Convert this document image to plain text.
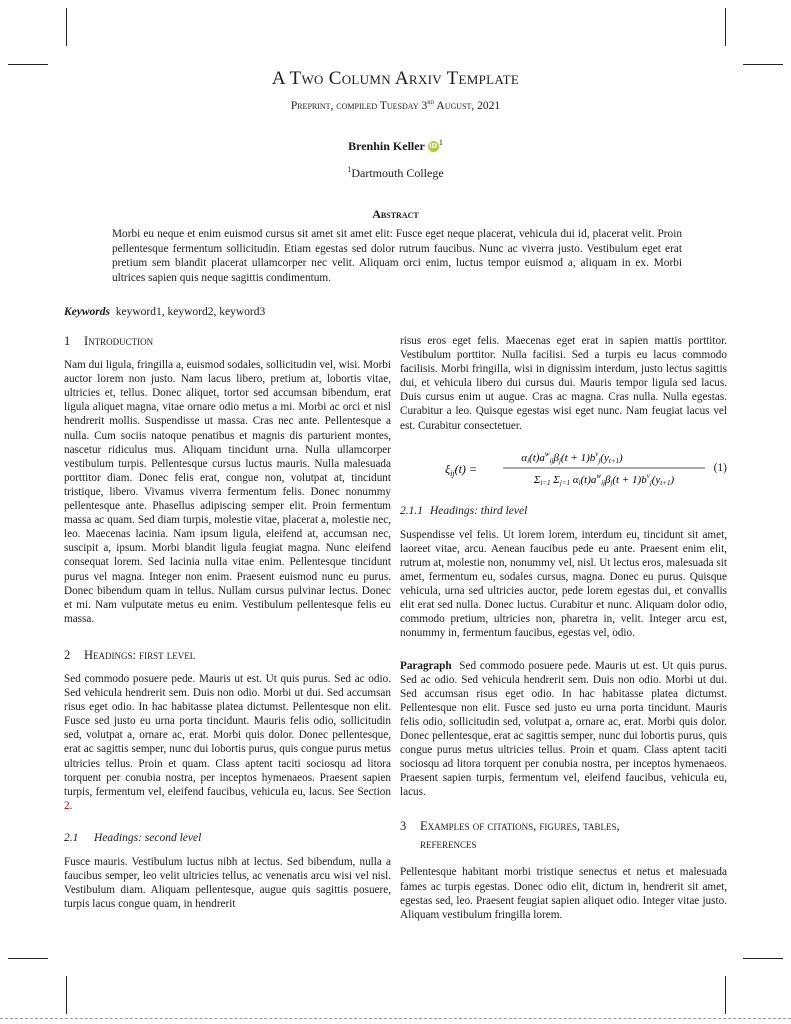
A Two Column Arxiv Template
Preprint, compiled Tuesday 3rd August, 2021
Brenhin Keller $iD^1$
$^1$Dartmouth College
Abstract
Morbi eu neque et enim euismod cursus sit amet sit amet elit: Fusce eget neque placerat, vehicula dui id, placerat velit. Proin pellentesque fermentum sollicitudin. Etiam egestas sed dolor rutrum faucibus. Nunc ac viverra justo. Vestibulum eget erat pretium sem blandit placerat ullamcorper nec velit. Aliquam orci enim, luctus tempor euismod a, aliquam in ex. Morbi ultrices sapien quis neque sagittis condimentum.
Keywords keyword1, keyword2, keyword3
1 Introduction

Nam dui ligula, fringilla a, euismod sodales, sollicitudin vel, wisi. Morbi auctor lorem non justo. Nam lacus libero, pretium at, lobortis vitae, ultricies et, tellus. Donec aliquet, tortor sed accumsan bibendum, erat ligula aliquet magna, vitae ornare odio metus a mi. Morbi ac orci et nisl hendrerit mollis. Suspendisse ut massa. Cras nec ante. Pellentesque a nulla. Cum sociis natoque penatibus et magnis dis parturient montes, nascetur ridiculus mus. Aliquam tincidunt urna. Nulla ullamcorper vestibulum turpis. Pellentesque cursus luctus mauris. Nulla malesuada porttitor diam. Donec felis erat, congue non, volutpat at, tincidunt tristique, libero. Vivamus viverra fermentum felis. Donec nonummy pellentesque ante. Phasellus adipiscing semper elit. Proin fermentum massa ac quam. Sed diam turpis, molestie vitae, placerat a, molestie nec, leo. Maecenas lacinia. Nam ipsum ligula, eleifend at, accumsan nec, suscipit a, ipsum. Morbi blandit ligula feugiat magna. Nunc eleifend consequat lorem. Sed lacinia nulla vitae enim. Pellentesque tincidunt purus vel magna. Integer non enim. Praesent euismod nunc eu purus. Donec bibendum quam in tellus. Nullam cursus pulvinar lectus. Donec et mi. Nam vulputate metus eu enim. Vestibulum pellentesque felis eu massa.

2 Headings: first level

Sed commodo posuere pede. Mauris ut est. Ut quis purus. Sed ac odio. Sed vehicula hendrerit sem. Duis non odio. Morbi ut dui. Sed accumsan risus eget odio. In hac habitasse platea dictumst. Pellentesque non elit. Fusce sed justo eu urna porta tincidunt. Mauris felis odio, sollicitudin sed, volutpat a, ornare ac, erat. Morbi quis dolor. Donec pellentesque, erat ac sagittis semper, nunc dui lobortis purus, quis congue purus metus ultricies tellus. Proin et quam. Class aptent taciti sociosqu ad litora torquent per conubia nostra, per inceptos hymenaeos. Praesent sapien turpis, fermentum vel, eleifend faucibus, vehicula eu, lacus. See Section 2.

2.1 Headings: second level

Fusce mauris. Vestibulum luctus nibh at lectus. Sed bibendum, nulla a faucibus semper, leo velit ultricies tellus, ac venenatis arcu wisi vel nisl. Vestibulum diam. Aliquam pellentesque, augue quis sagittis posuere, turpis lacus congue quam, in hendrerit

risus eros eget felis. Maecenas eget erat in sapien mattis porttitor. Vestibulum porttitor. Nulla facilisi. Sed a turpis eu lacus commodo facilisis. Morbi fringilla, wisi in dignissim interdum, justo lectus sagittis dui, et vehicula libero dui cursus dui. Mauris tempor ligula sed lacus. Duis cursus enim ut augue. Cras ac magna. Cras nulla. Nulla egestas. Curabitur a leo. Quisque egestas wisi eget nunc. Nam feugiat lacus vel est. Curabitur consectetuer.

$\xi_{ij}(t)$ =
$\alpha i(t)a^w_{ij}\beta j(t + 1)b^v_j(yt+1)$
Σi=1 Σj=1 $\alpha i(t)a^w_{ij}\beta j(t + 1)b^v_j(yt+1)$
(1)
2.1.1 Headings: third level

Suspendisse vel felis. Ut lorem lorem, interdum eu, tincidunt sit amet, laoreet vitae, arcu. Aenean faucibus pede eu ante. Praesent enim elit, rutrum at, molestie non, nonummy vel, nisl. Ut lectus eros, malesuada sit amet, fermentum eu, sodales cursus, magna. Donec eu purus. Quisque vehicula, urna sed ultricies auctor, pede lorem egestas dui, et convallis elit erat sed nulla. Donec luctus. Curabitur et nunc. Aliquam dolor odio, commodo pretium, ultricies non, pharetra in, velit. Integer arcu est, nonummy in, fermentum faucibus, egestas vel, odio.

Paragraph Sed commodo posuere pede. Mauris ut est. Ut quis purus. Sed ac odio. Sed vehicula hendrerit sem. Duis non odio. Morbi ut dui. Sed accumsan risus eget odio. In hac habitasse platea dictumst. Pellentesque non elit. Fusce sed justo eu urna porta tincidunt. Mauris felis odio, sollicitudin sed, volutpat a, ornare ac, erat. Morbi quis dolor. Donec pellentesque, erat ac sagittis semper, nunc dui lobortis purus, quis congue purus metus ultricies tellus. Proin et quam. Class aptent taciti sociosqu ad litora torquent per conubia nostra, per inceptos hymenaeos. Praesent sapien turpis, fermentum vel, eleifend faucibus, vehicula eu, lacus.

3 Examples of citations, figures, tables,
references

Pellentesque habitant morbi tristique senectus et netus et malesuada fames ac turpis egestas. Donec odio elit, dictum in, hendrerit sit amet, egestas sed, leo. Praesent feugiat sapien aliquet odio. Integer vitae justo. Aliquam vestibulum fringilla lorem.
